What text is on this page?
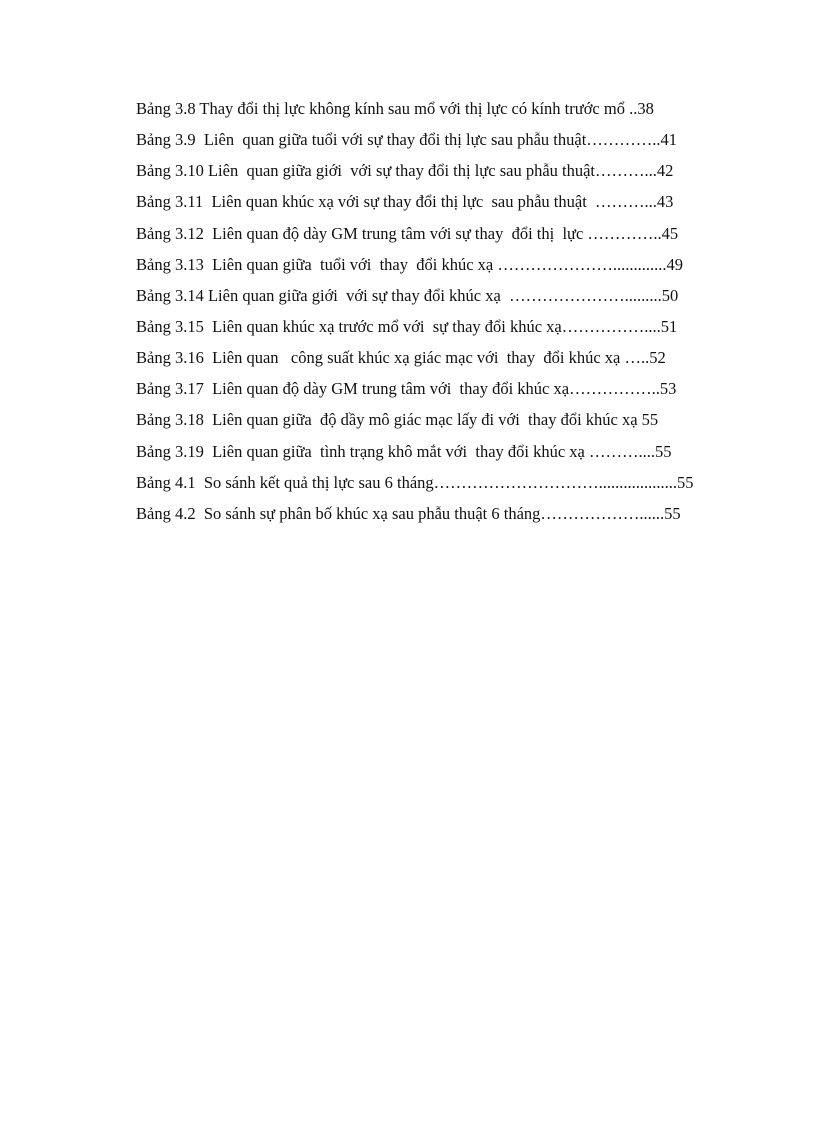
Bảng 3.8 Thay đổi thị lực không kính sau mổ với thị lực có kính trước mổ ..38
Bảng 3.9  Liên  quan giữa tuổi với sự thay đổi thị lực sau phẫu thuật…………..41
Bảng 3.10 Liên  quan giữa giới  với sự thay đổi thị lực sau phẫu thuật………...42
Bảng 3.11  Liên quan khúc xạ với sự thay đổi thị lực  sau phẫu thuật  ………...43
Bảng 3.12  Liên quan độ dày GM trung tâm với sự thay  đổi thị  lực …………..45
Bảng 3.13  Liên quan giữa  tuổi với  thay  đổi khúc xạ ………………….............49
Bảng 3.14 Liên quan giữa giới  với sự thay đổi khúc xạ  ………………….........50
Bảng 3.15  Liên quan khúc xạ trước mổ với  sự thay đổi khúc xạ……………....51
Bảng 3.16  Liên quan   công suất khúc xạ giác mạc với  thay  đổi khúc xạ …..52
Bảng 3.17  Liên quan độ dày GM trung tâm với  thay đổi khúc xạ……………..53
Bảng 3.18  Liên quan giữa  độ dầy mô giác mạc lấy đi với  thay đổi khúc xạ 55
Bảng 3.19  Liên quan giữa  tình trạng khô mắt với  thay đổi khúc xạ ………....55
Bảng 4.1  So sánh kết quả thị lực sau 6 tháng…………………………...................55
Bảng 4.2  So sánh sự phân bố khúc xạ sau phẫu thuật 6 tháng………………......55
